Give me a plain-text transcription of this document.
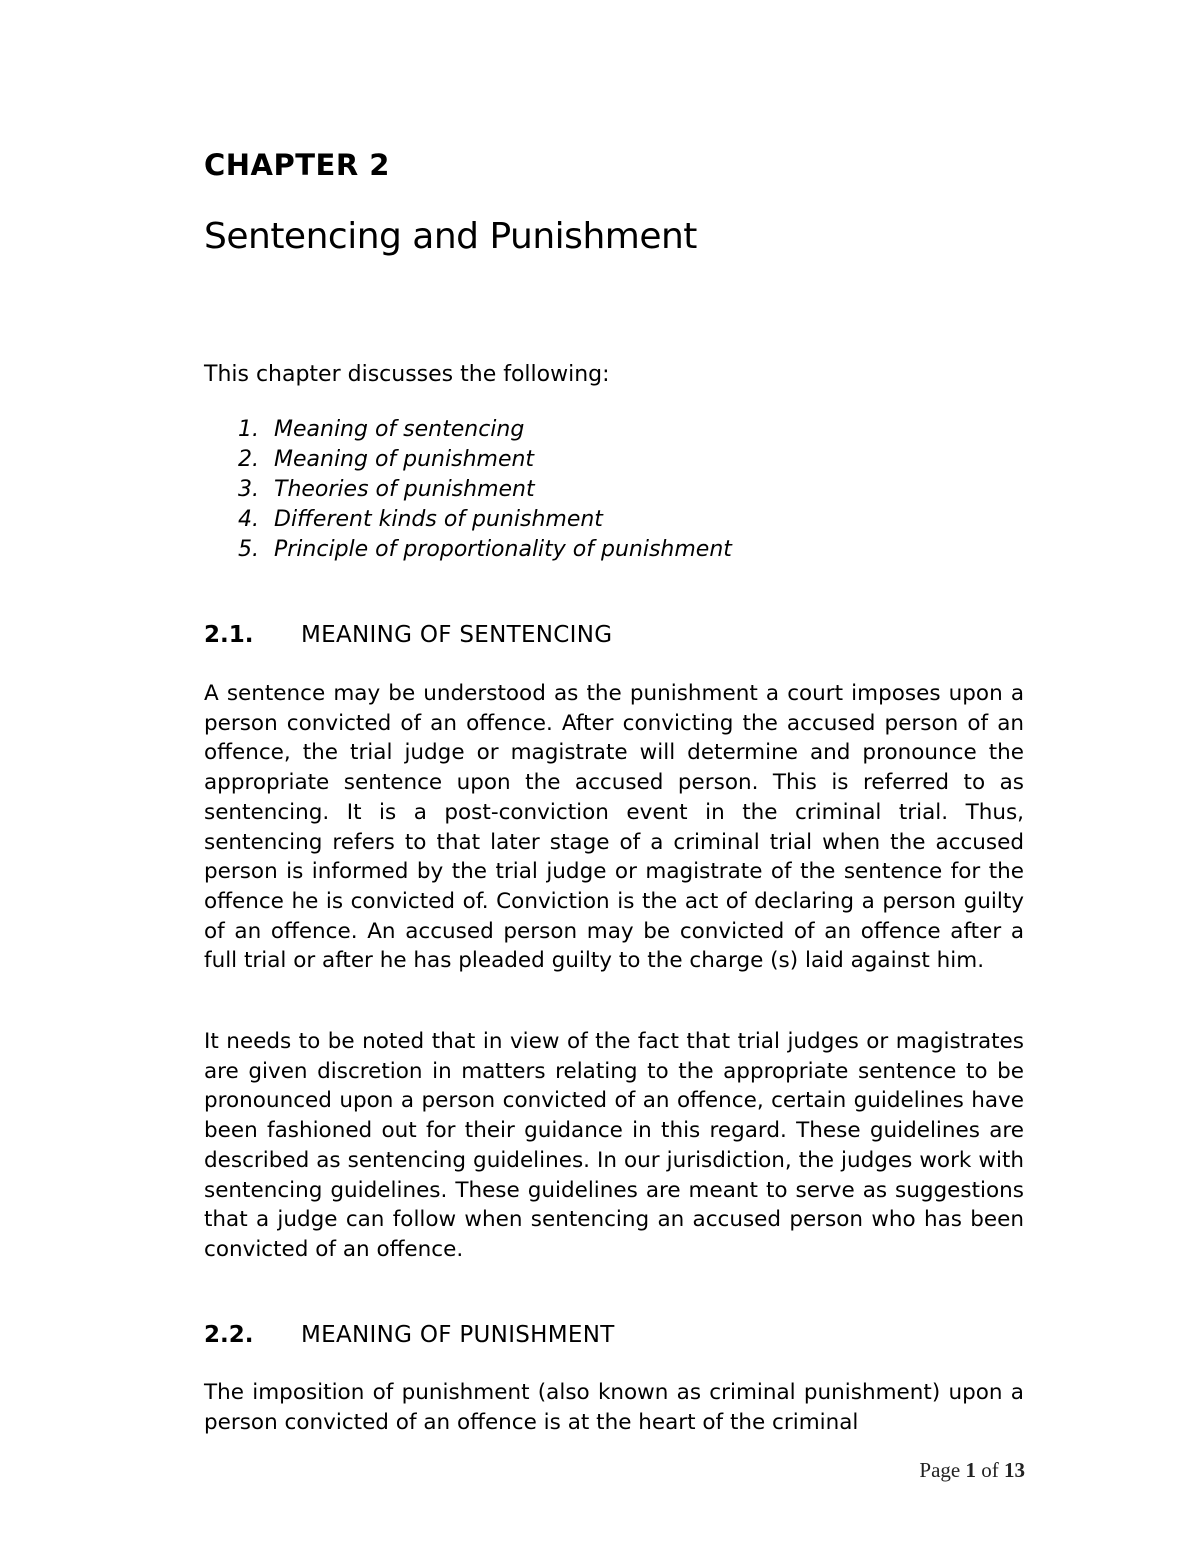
CHAPTER 2
Sentencing and Punishment

This chapter discusses the following:

1. Meaning of sentencing
2. Meaning of punishment
3. Theories of punishment
4. Different kinds of punishment
5. Principle of proportionality of punishment
2.1. MEANING OF SENTENCING

A sentence may be understood as the punishment a court imposes upon a person convicted of an offence. After convicting the accused person of an offence, the trial judge or magistrate will determine and pronounce the appropriate sentence upon the accused person. This is referred to as sentencing. It is a post-conviction event in the criminal trial. Thus, sentencing refers to that later stage of a criminal trial when the accused person is informed by the trial judge or magistrate of the sentence for the offence he is convicted of. Conviction is the act of declaring a person guilty of an offence. An accused person may be convicted of an offence after a full trial or after he has pleaded guilty to the charge (s) laid against him.

It needs to be noted that in view of the fact that trial judges or magistrates are given discretion in matters relating to the appropriate sentence to be pronounced upon a person convicted of an offence, certain guidelines have been fashioned out for their guidance in this regard. These guidelines are described as sentencing guidelines. In our jurisdiction, the judges work with sentencing guidelines. These guidelines are meant to serve as suggestions that a judge can follow when sentencing an accused person who has been convicted of an offence.

2.2. MEANING OF PUNISHMENT

The imposition of punishment (also known as criminal punishment) upon a person convicted of an offence is at the heart of the criminal

Page 1 of 13
